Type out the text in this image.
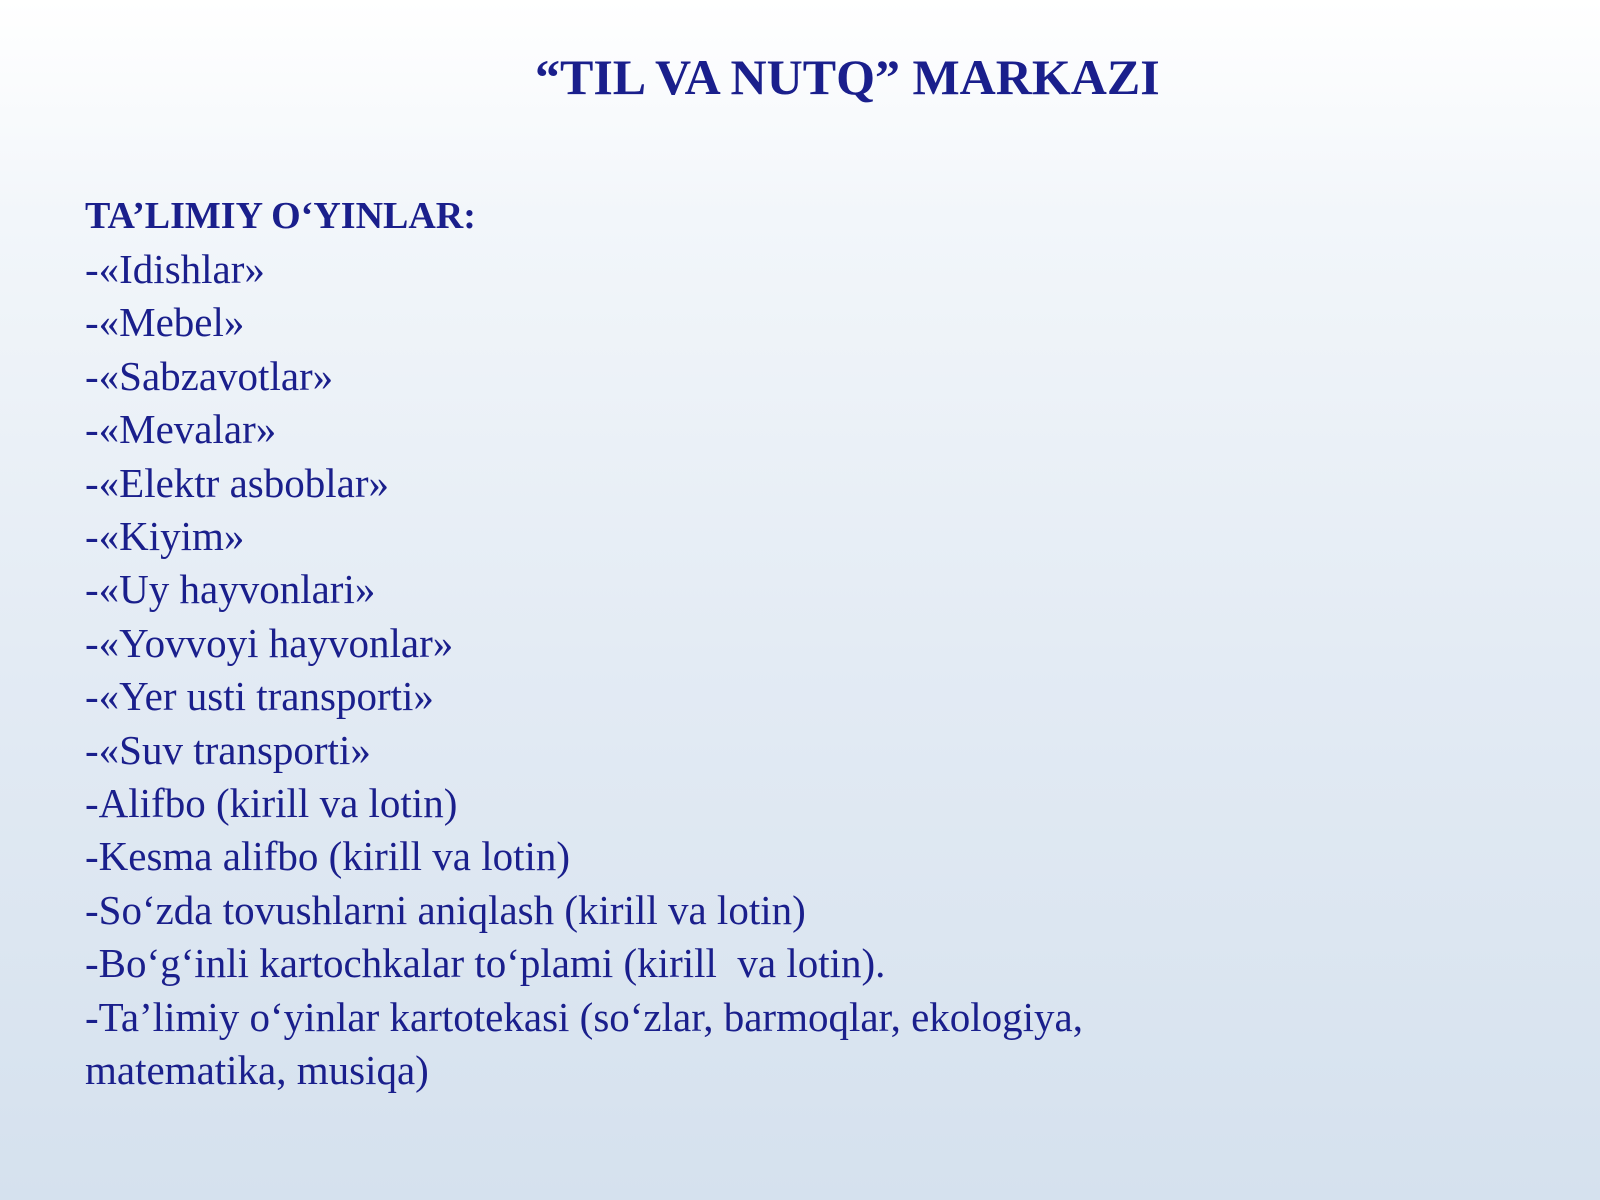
“TIL VA NUTQ” MARKAZI
TA’LIMIY O‘YINLAR:
-«Idishlar»
-«Mebel»
-«Sabzavotlar»
-«Mevalar»
-«Elektr asboblar»
-«Kiyim»
-«Uy hayvonlari»
-«Yovvoyi hayvonlar»
-«Yer usti transporti»
-«Suv transporti»
-Alifbo (kirill va lotin)
-Kesma alifbo (kirill va lotin)
-So‘zda tovushlarni aniqlash (kirill va lotin)
-Bo‘g‘inli kartochkalar to‘plami (kirill  va lotin).
-Ta’limiy o‘yinlar kartotekasi (so‘zlar, barmoqlar, ekologiya,
matematika, musiqa)
